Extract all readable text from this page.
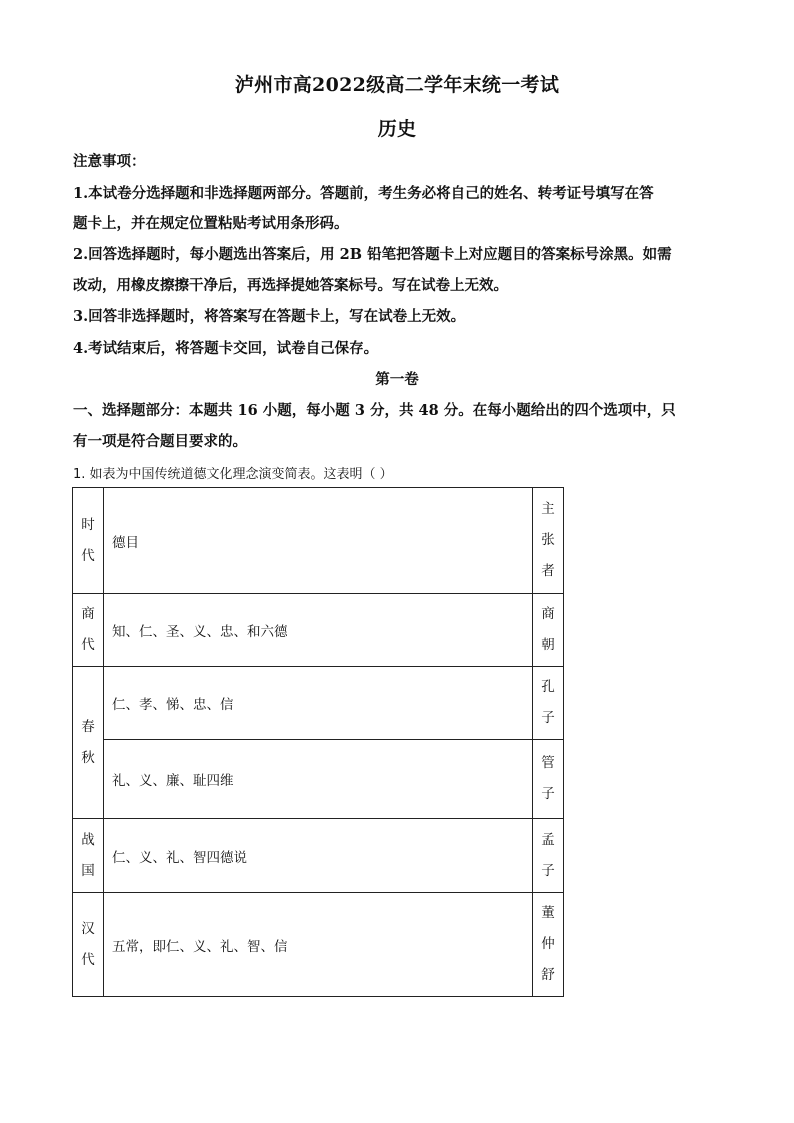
泸州市高2022级高二学年末统一考试
历史
注意事项：
1.本试卷分选择题和非选择题两部分。答题前，考生务必将自己的姓名、转考证号填写在答
题卡上，并在规定位置粘贴考试用条形码。
2.回答选择题时，每小题选出答案后，用 2B 铅笔把答题卡上对应题目的答案标号涂黑。如需
改动，用橡皮擦擦干净后，再选择提她答案标号。写在试卷上无效。
3.回答非选择题时，将答案写在答题卡上，写在试卷上无效。
4.考试结束后，将答题卡交回，试卷自己保存。
第一卷
一、选择题部分：本题共 16 小题，每小题 3 分，共 48 分。在每小题给出的四个选项中，只
有一项是符合题目要求的。
1. 如表为中国传统道德文化理念演变简表。这表明（ ）
时代	德目	主张者

商代	知、仁、圣、义、忠、和六德	商朝

春秋	仁、孝、悌、忠、信	孔子

	礼、义、廉、耻四维	管子

战国	仁、义、礼、智四德说	孟子

汉代	五常，即仁、义、礼、智、信	董仲舒
